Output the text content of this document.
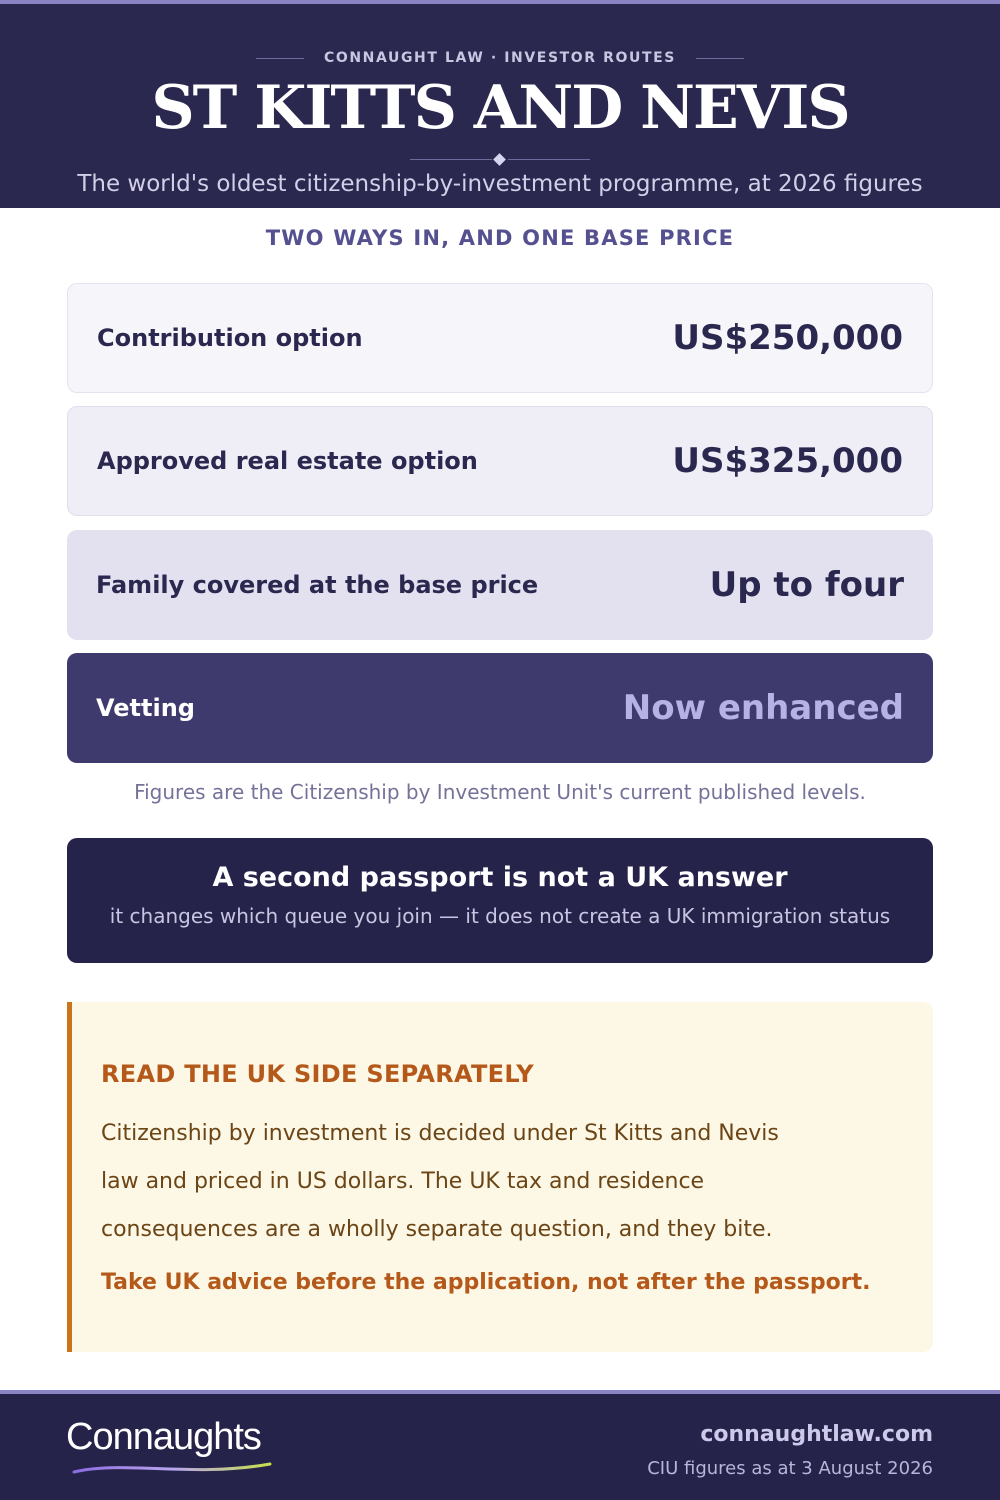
CONNAUGHT LAW · INVESTOR ROUTES
ST KITTS AND NEVIS
The world's oldest citizenship-by-investment programme, at 2026 figures
TWO WAYS IN, AND ONE BASE PRICE
Contribution option	US$250,000
Approved real estate option	US$325,000
Family covered at the base price	Up to four
Vetting	Now enhanced
Figures are the Citizenship by Investment Unit's current published levels.
A second passport is not a UK answer
it changes which queue you join — it does not create a UK immigration status
READ THE UK SIDE SEPARATELY
Citizenship by investment is decided under St Kitts and Nevis law and priced in US dollars. The UK tax and residence consequences are a wholly separate question, and they bite.
Take UK advice before the application, not after the passport.
Connaughts	connaughtlaw.com
CIU figures as at 3 August 2026
